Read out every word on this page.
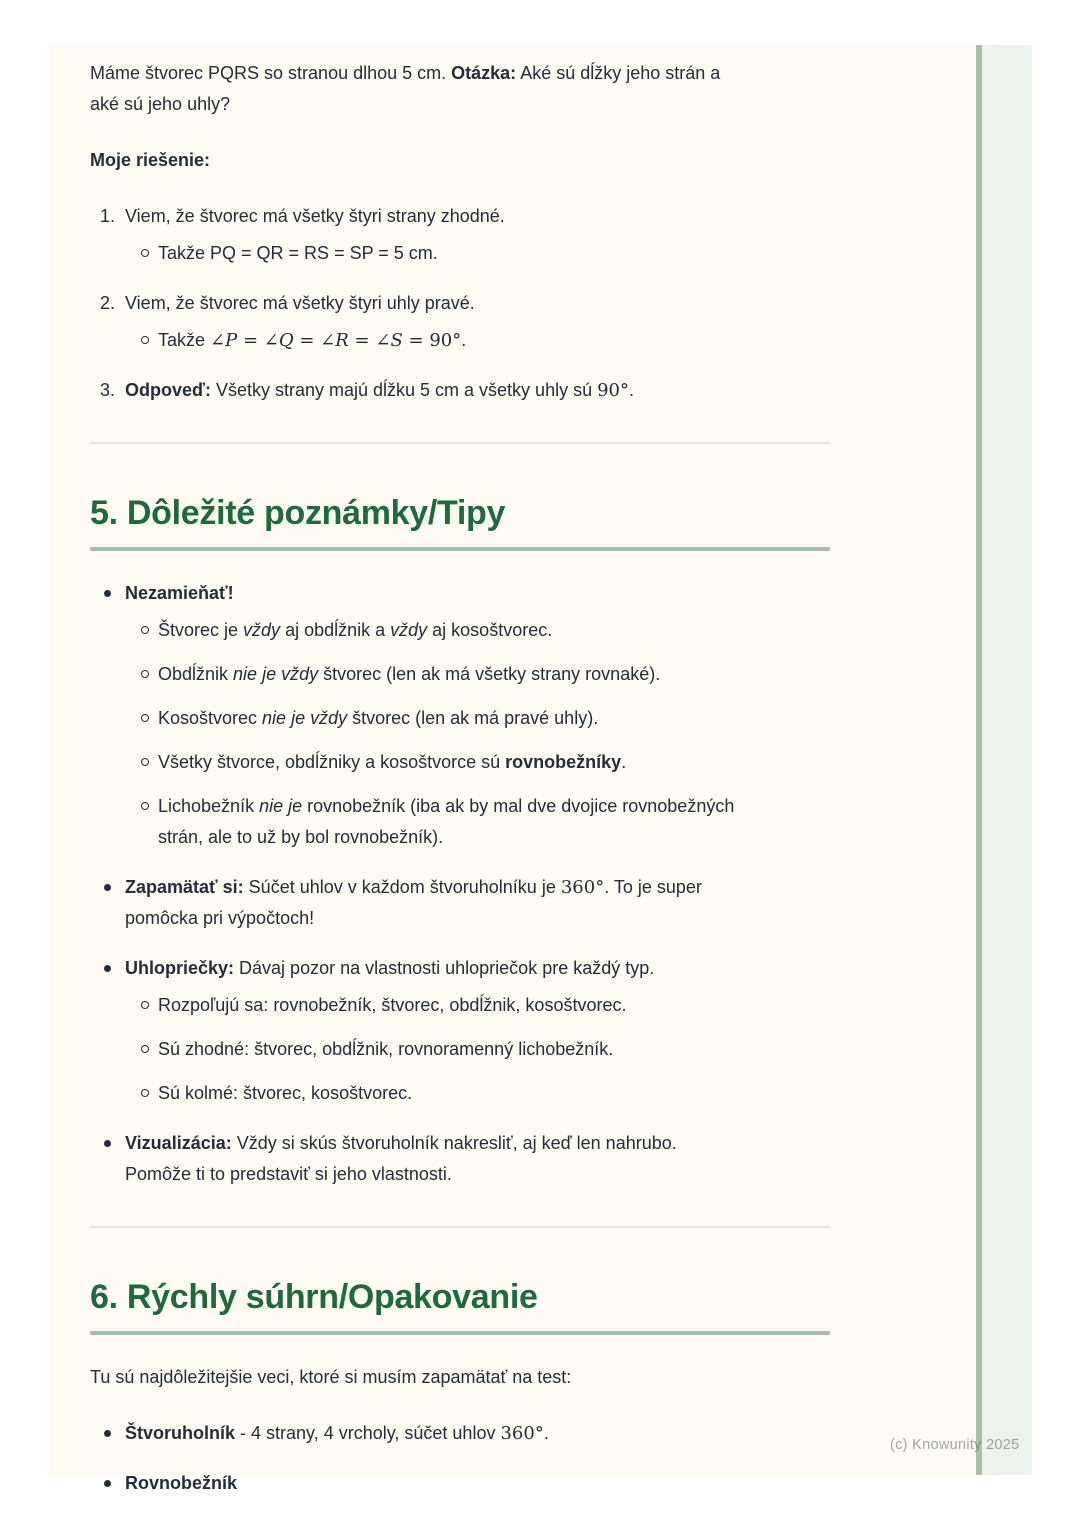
Máme štvorec PQRS so stranou dlhou 5 cm. Otázka: Aké sú dĺžky jeho strán a
aké sú jeho uhly?
Moje riešenie:
1. Viem, že štvorec má všetky štyri strany zhodné.
Takže PQ = QR = RS = SP = 5 cm.
2. Viem, že štvorec má všetky štyri uhly pravé.
Takže ∠P = ∠Q = ∠R = ∠S = 90°.
3. Odpoveď: Všetky strany majú dĺžku 5 cm a všetky uhly sú 90°.
5. Dôležité poznámky/Tipy
Nezamieňať!
Štvorec je vždy aj obdĺžnik a vždy aj kosoštvorec.
Obdĺžnik nie je vždy štvorec (len ak má všetky strany rovnaké).
Kosoštvorec nie je vždy štvorec (len ak má pravé uhly).
Všetky štvorce, obdĺžniky a kosoštvorce sú rovnobežníky.
Lichobežník nie je rovnobežník (iba ak by mal dve dvojice rovnobežných
strán, ale to už by bol rovnobežník).
Zapamätať si: Súčet uhlov v každom štvoruholníku je 360°. To je super
pomôcka pri výpočtoch!
Uhlopriečky: Dávaj pozor na vlastnosti uhlopriečok pre každý typ.
Rozpoľujú sa: rovnobežník, štvorec, obdĺžnik, kosoštvorec.
Sú zhodné: štvorec, obdĺžnik, rovnoramenný lichobežník.
Sú kolmé: štvorec, kosoštvorec.
Vizualizácia: Vždy si skús štvoruholník nakresliť, aj keď len nahrubo.
Pomôže ti to predstaviť si jeho vlastnosti.
6. Rýchly súhrn/Opakovanie
Tu sú najdôležitejšie veci, ktoré si musím zapamätať na test:
Štvoruholník - 4 strany, 4 vrcholy, súčet uhlov 360°.
Rovnobežník
(c) Knowunity 2025
